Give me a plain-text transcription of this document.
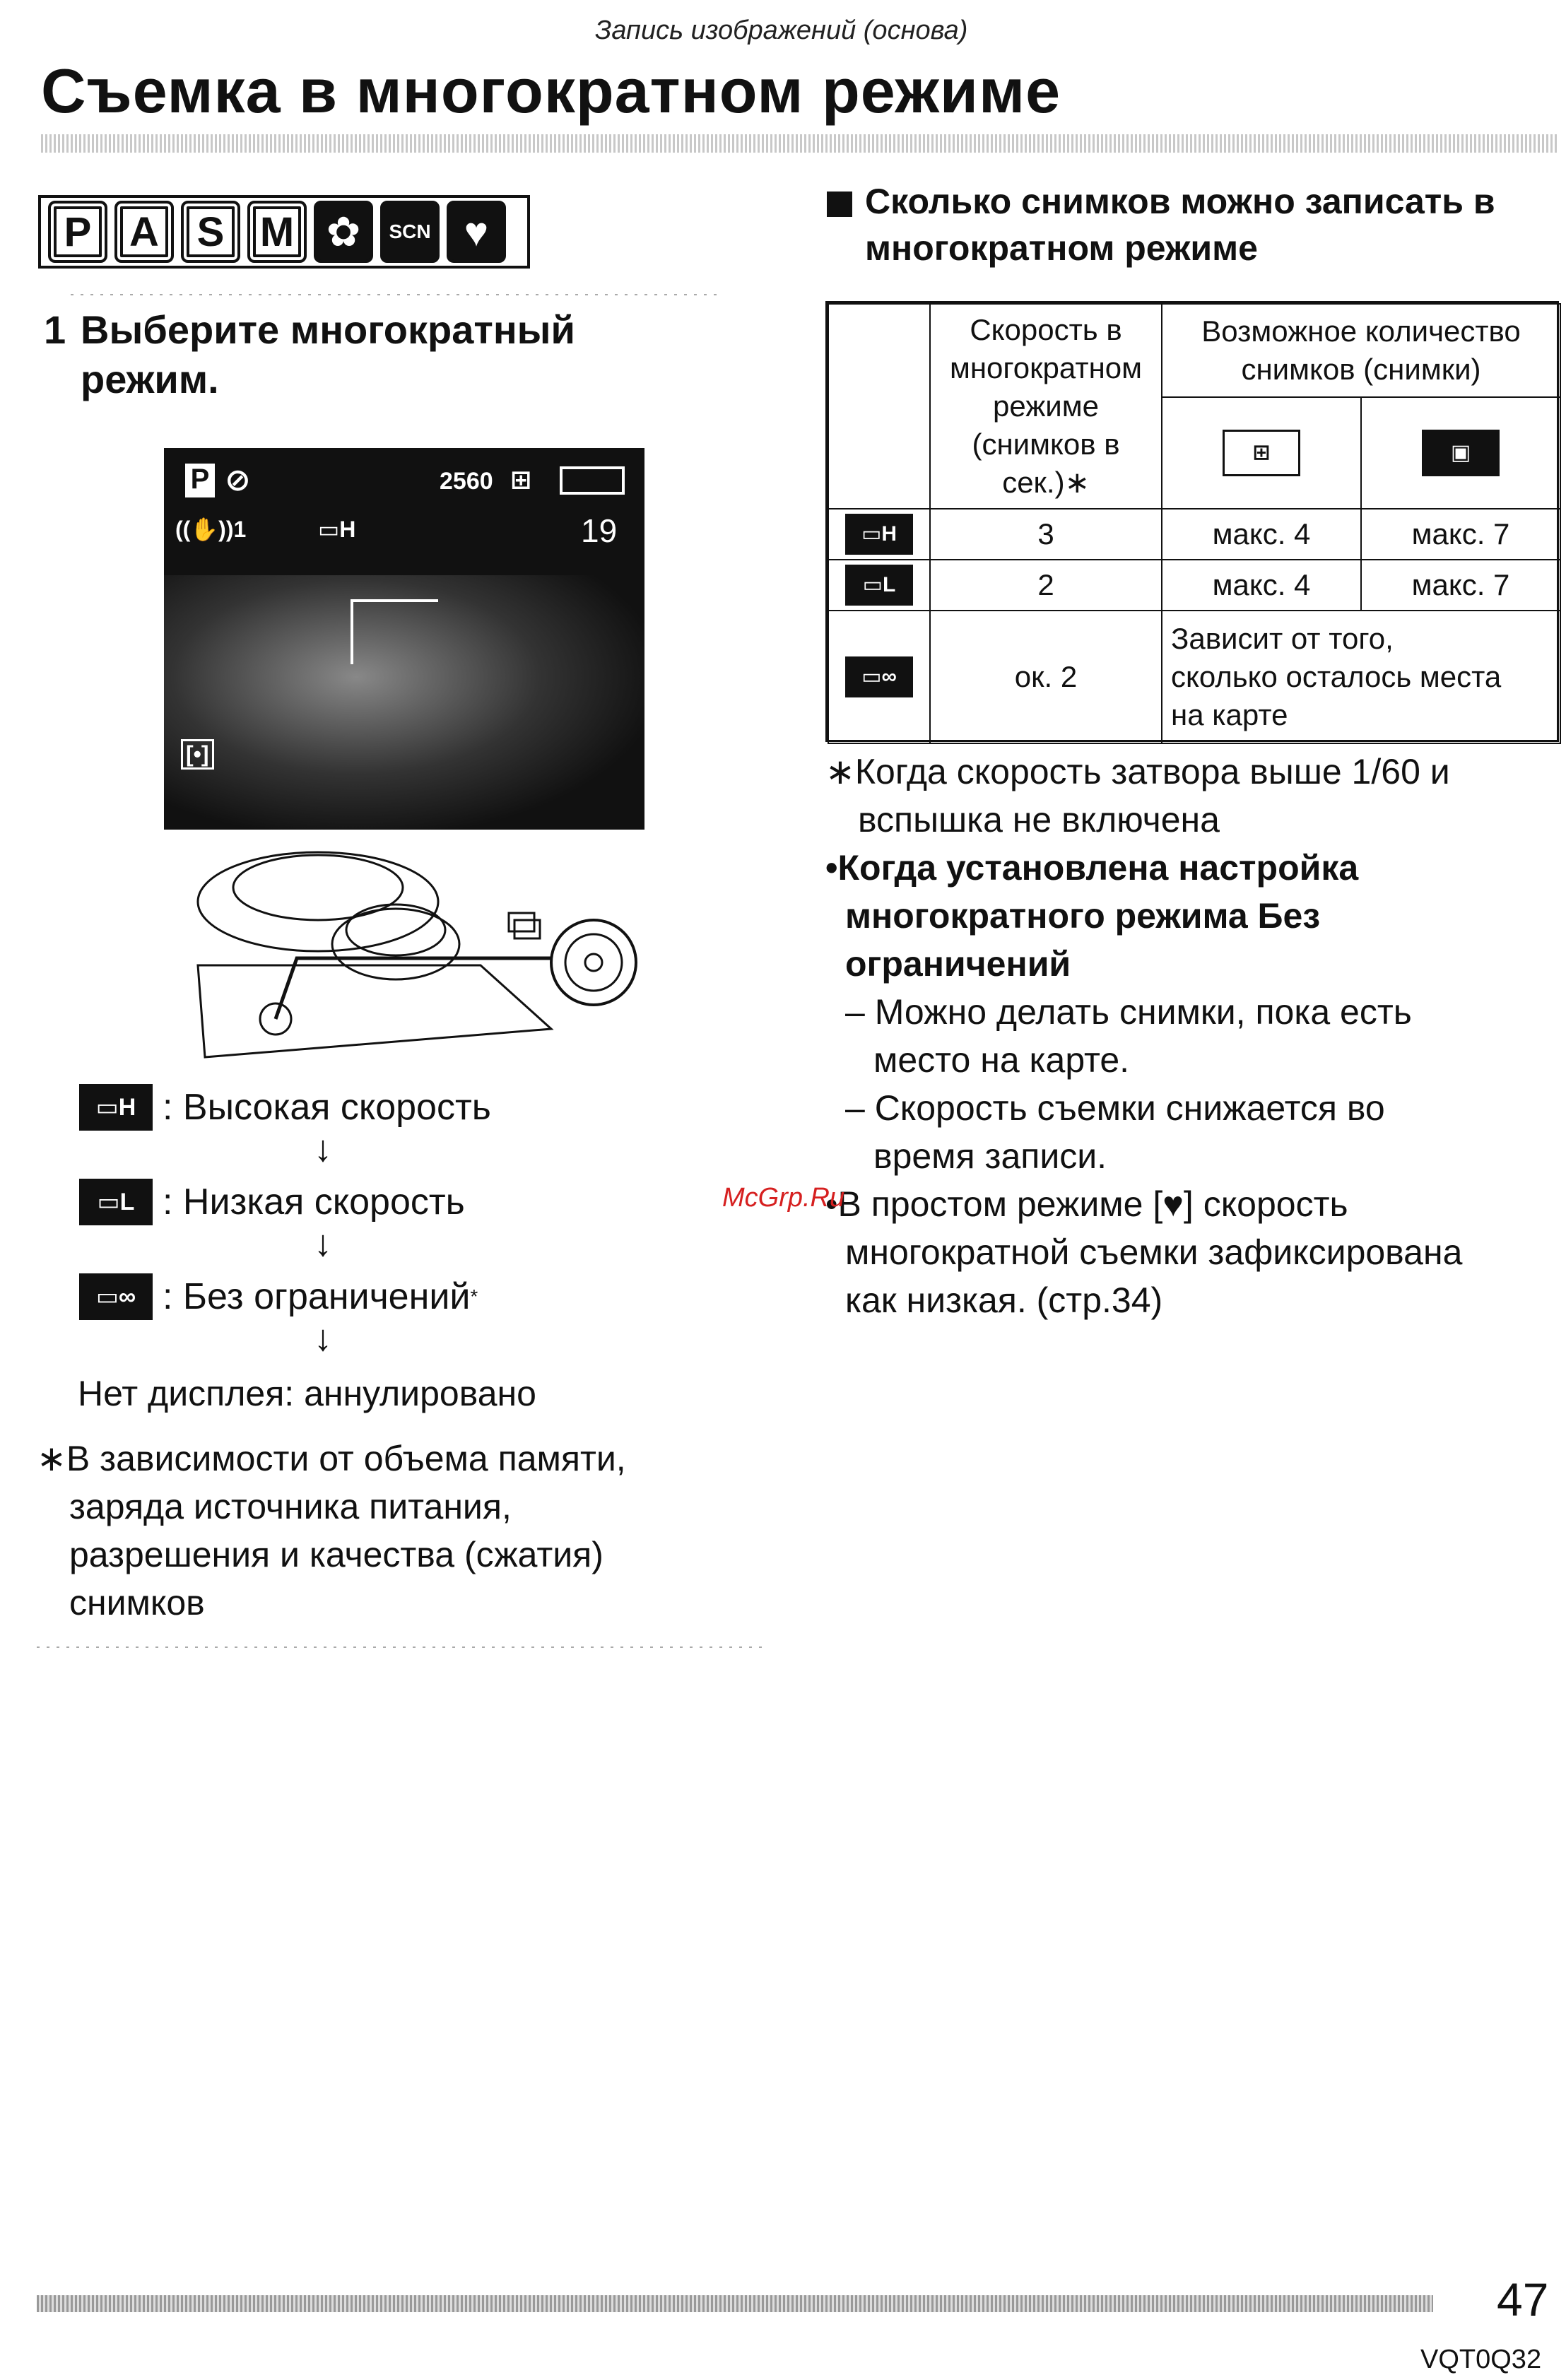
Запись изображений (основа)
Съемка в многократном режиме
P A S M ✿	SCN ♥
1 Выберите многократный режим.
P ⊘	2560 ⊞
((✋))1	▭H	19
[•]
▭H :
Высокая скорость
↓
▭L :
Низкая скорость
↓
▭∞ :
Без ограничений *
↓
Нет дисплея: аннулировано
∗В зависимости от объема памяти,
заряда источника питания,
разрешения и качества (сжатия)
снимков
Сколько снимков можно записать в
многократном режиме
Скорость в
многократном
режиме
(снимков в
сек.)∗
Возможное количество
снимков (снимки)
⊞	▣
▭H	3	макс. 4	макс. 7
▭L	2	макс. 4	макс. 7
▭∞	ок. 2
Зависит от того,
сколько осталось места
на карте
∗Когда скорость затвора выше 1/60 и
вспышка не включена
•Когда установлена настройка
многократного режима Без
ограничений
– Можно делать снимки, пока есть
место на карте.
– Скорость съемки снижается во
время записи.
•В простом режиме [♥] скорость
многократной съемки зафиксирована
как низкая. (стр.34)
McGrp.Ru
47
VQT0Q32
